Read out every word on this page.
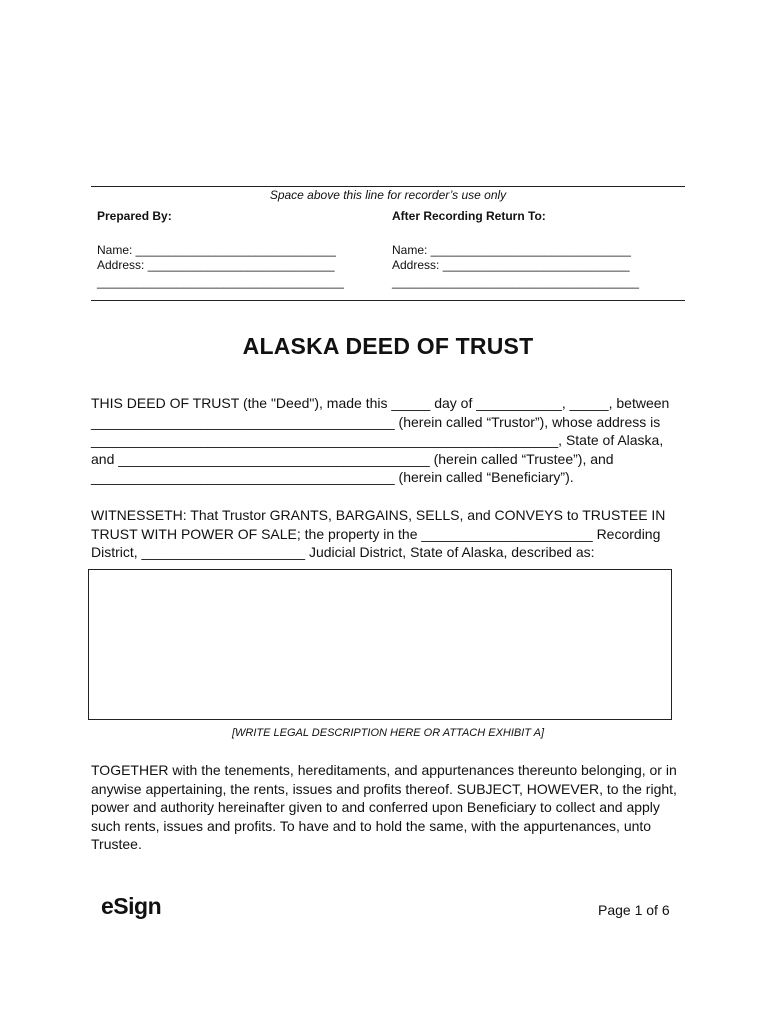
Space above this line for recorder’s use only
Prepared By:
Name: ______________________________
Address: ____________________________
_____________________________________
After Recording Return To:
Name: ______________________________
Address: ____________________________
_____________________________________
ALASKA DEED OF TRUST
THIS DEED OF TRUST (the "Deed"), made this _____ day of ___________, _____, between
_______________________________________ (herein called “Trustor”), whose address is
____________________________________________________________, State of Alaska,
and ________________________________________ (herein called “Trustee”), and
_______________________________________ (herein called “Beneficiary”).
WITNESSETH: That Trustor GRANTS, BARGAINS, SELLS, and CONVEYS to TRUSTEE IN
TRUST WITH POWER OF SALE; the property in the ______________________ Recording
District, _____________________ Judicial District, State of Alaska, described as:
[WRITE LEGAL DESCRIPTION HERE OR ATTACH EXHIBIT A]
TOGETHER with the tenements, hereditaments, and appurtenances thereunto belonging, or in
anywise appertaining, the rents, issues and profits thereof. SUBJECT, HOWEVER, to the right,
power and authority hereinafter given to and conferred upon Beneficiary to collect and apply
such rents, issues and profits. To have and to hold the same, with the appurtenances, unto
Trustee.
eSign	Page 1 of 6
